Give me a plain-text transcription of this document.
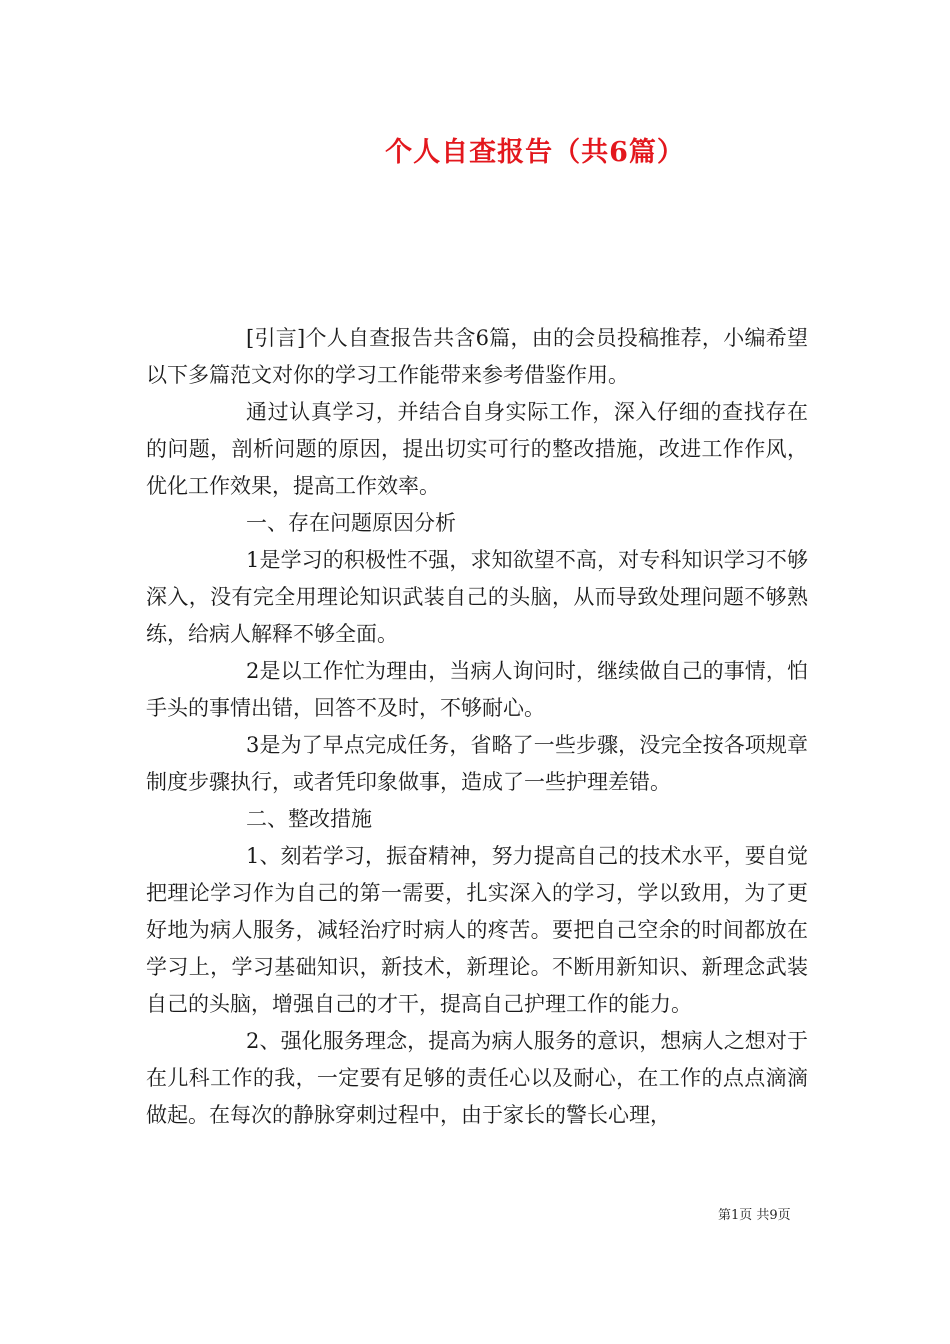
个人自查报告（共6篇）

[引言]个人自查报告共含6篇，由的会员投稿推荐，小编希望以下多篇范文对你的学习工作能带来参考借鉴作用。

通过认真学习，并结合自身实际工作，深入仔细的查找存在的问题，剖析问题的原因，提出切实可行的整改措施，改进工作作风，优化工作效果，提高工作效率。

一、存在问题原因分析

1是学习的积极性不强，求知欲望不高，对专科知识学习不够深入，没有完全用理论知识武装自己的头脑，从而导致处理问题不够熟练，给病人解释不够全面。

2是以工作忙为理由，当病人询问时，继续做自己的事情，怕手头的事情出错，回答不及时，不够耐心。

3是为了早点完成任务，省略了一些步骤，没完全按各项规章制度步骤执行，或者凭印象做事，造成了一些护理差错。

二、整改措施

1、刻若学习，振奋精神，努力提高自己的技术水平，要自觉把理论学习作为自己的第一需要，扎实深入的学习，学以致用，为了更好地为病人服务，减轻治疗时病人的疼苦。要把自己空余的时间都放在学习上，学习基础知识，新技术，新理论。不断用新知识、新理念武装自己的头脑，增强自己的才干，提高自己护理工作的能力。

2、强化服务理念，提高为病人服务的意识，想病人之想对于在儿科工作的我，一定要有足够的责任心以及耐心，在工作的点点滴滴做起。在每次的静脉穿刺过程中，由于家长的警长心理，

第1页 共9页
